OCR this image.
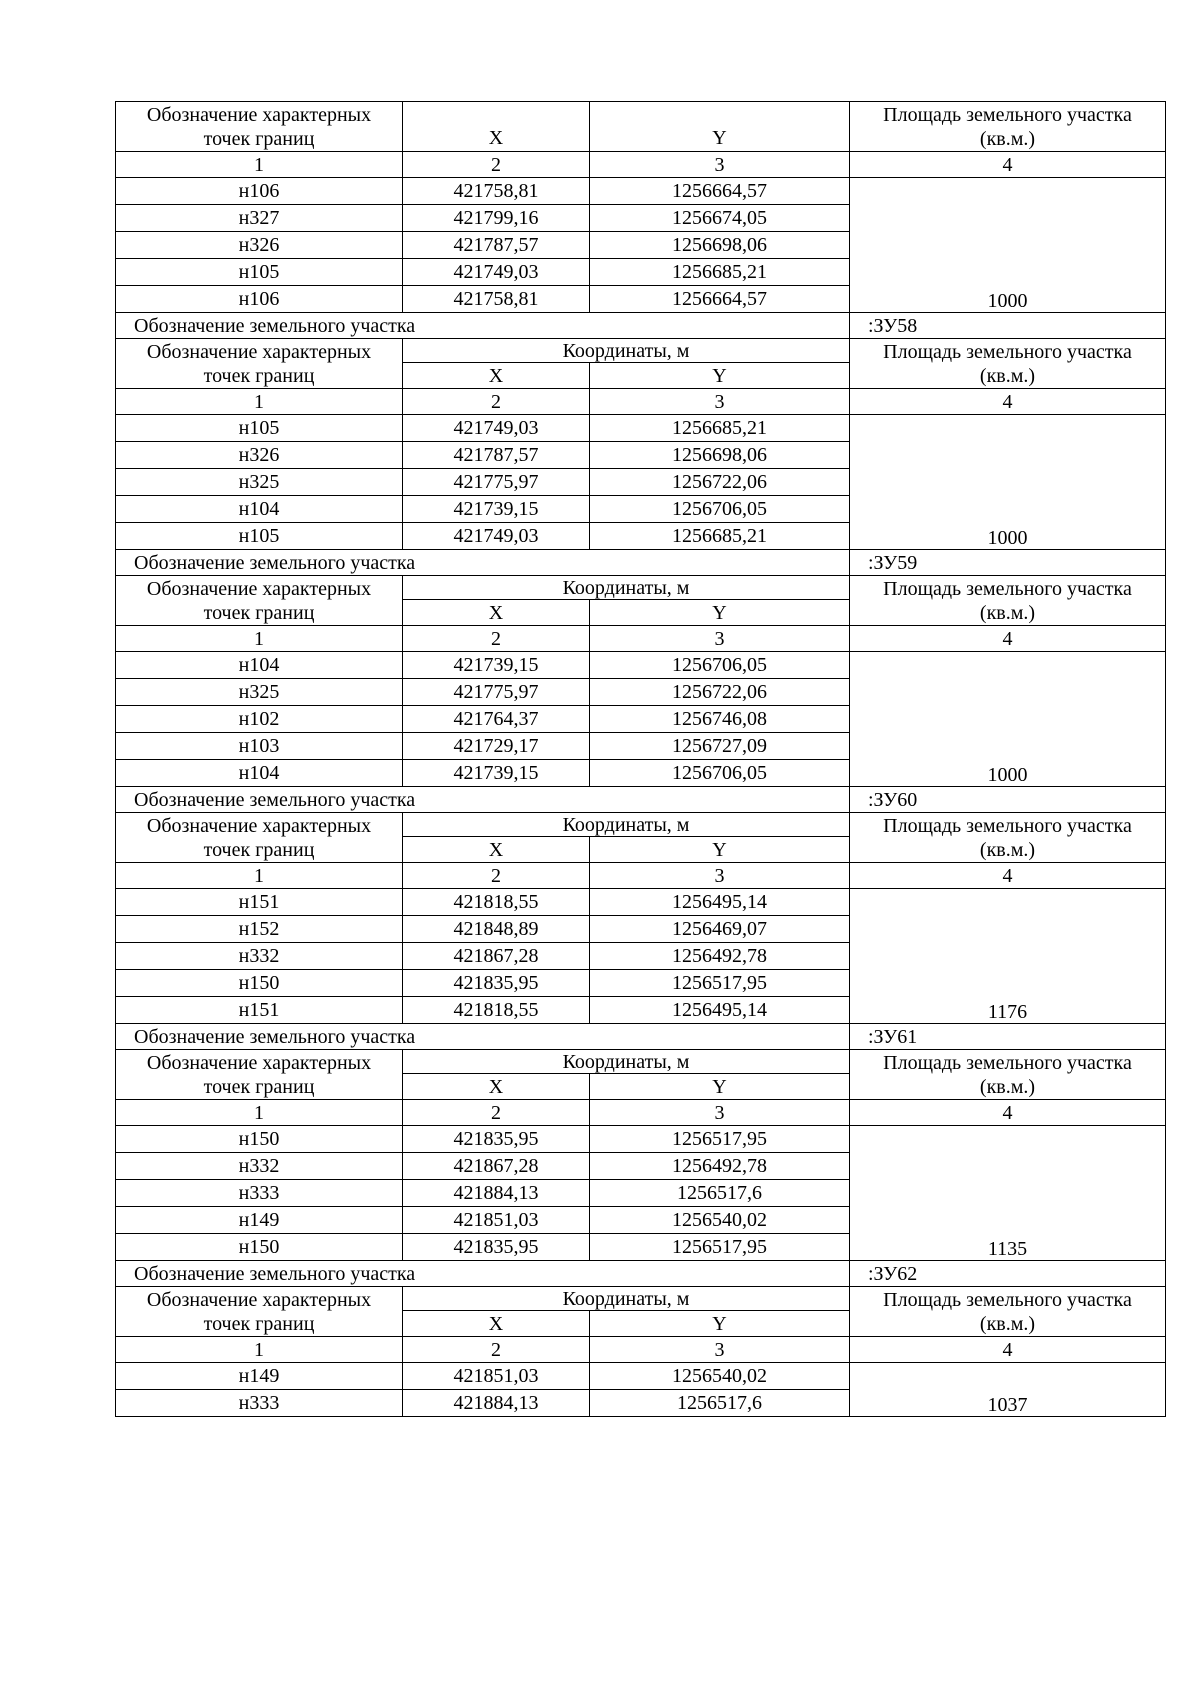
Обозначение характерных
точек границ			Площадь земельного участка
(кв.м.)

	X	Y	
1	2	3	4
н106	421758,81	1256664,57	1000
н327	421799,16	1256674,05	
н326	421787,57	1256698,06	
н105	421749,03	1256685,21	
н106	421758,81	1256664,57	
Обозначение земельного участка			:ЗУ58

Обозначение характерных
точек границ	Координаты, м		Площадь земельного участка
(кв.м.)

	X	Y	
1	2	3	4
н105	421749,03	1256685,21	1000
н326	421787,57	1256698,06	
н325	421775,97	1256722,06	
н104	421739,15	1256706,05	
н105	421749,03	1256685,21	
Обозначение земельного участка			:ЗУ59

Обозначение характерных
точек границ	Координаты, м		Площадь земельного участка
(кв.м.)

	X	Y	
1	2	3	4
н104	421739,15	1256706,05	1000
н325	421775,97	1256722,06	
н102	421764,37	1256746,08	
н103	421729,17	1256727,09	
н104	421739,15	1256706,05	
Обозначение земельного участка			:ЗУ60

Обозначение характерных
точек границ	Координаты, м		Площадь земельного участка
(кв.м.)

	X	Y	
1	2	3	4
н151	421818,55	1256495,14	1176
н152	421848,89	1256469,07	
н332	421867,28	1256492,78	
н150	421835,95	1256517,95	
н151	421818,55	1256495,14	
Обозначение земельного участка			:ЗУ61

Обозначение характерных
точек границ	Координаты, м		Площадь земельного участка
(кв.м.)

	X	Y	
1	2	3	4
н150	421835,95	1256517,95	1135
н332	421867,28	1256492,78	
н333	421884,13	1256517,6	
н149	421851,03	1256540,02	
н150	421835,95	1256517,95	
Обозначение земельного участка			:ЗУ62

Обозначение характерных
точек границ	Координаты, м		Площадь земельного участка
(кв.м.)

	X	Y	
1	2	3	4
н149	421851,03	1256540,02	1037
н333	421884,13	1256517,6	
